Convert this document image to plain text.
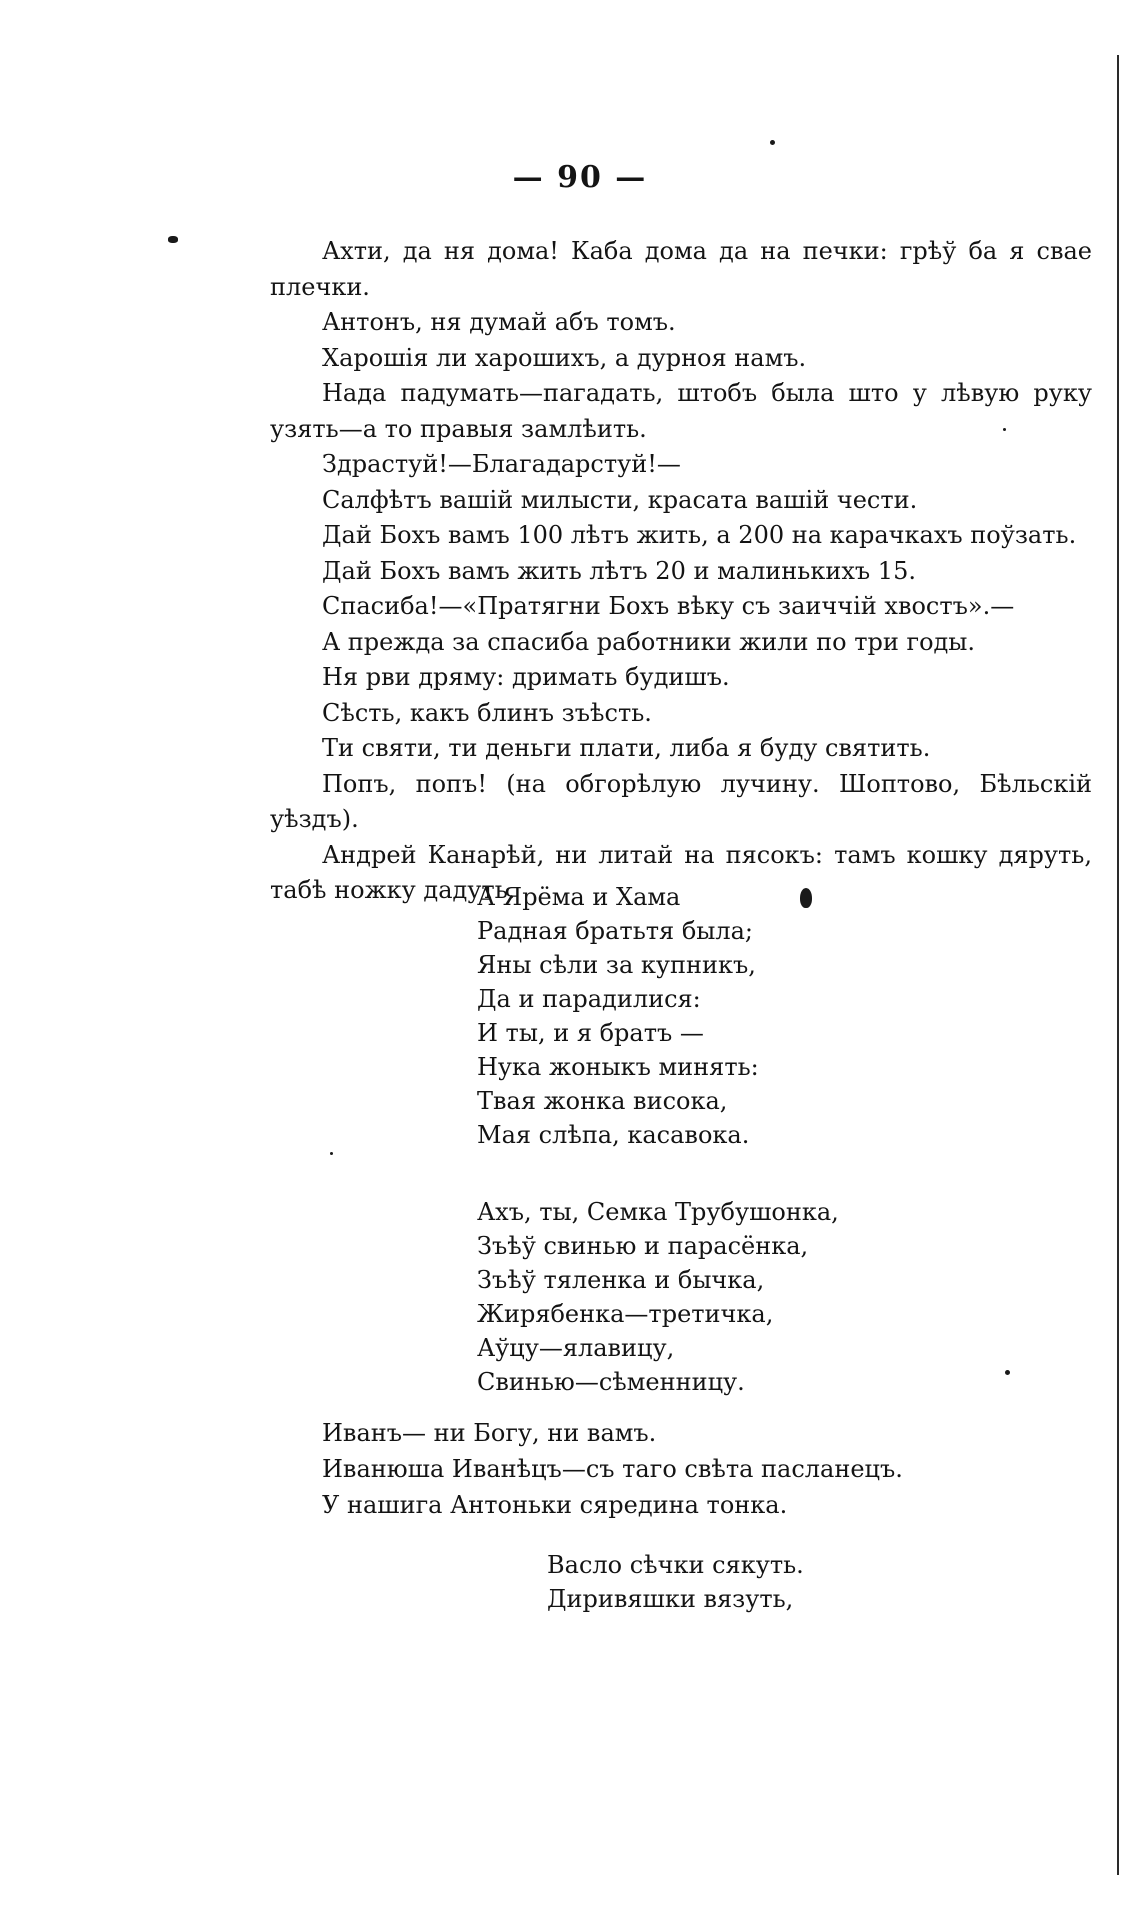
— 90 —

Ахти, да ня дома! Каба дома да на печки: грѣў ба я свае плечки.

Антонъ, ня думай абъ томъ.

Харошія ли харошихъ, а дурноя намъ.

Нада падумать—пагадать, штобъ была што у лѣвую руку узять—а то правыя замлѣить.

Здрастуй!—Благадарстуй!—

Салфѣтъ вашій милысти, красата вашій чести.

Дай Бохъ вамъ 100 лѣтъ жить, а 200 на карачкахъ поўзать.

Дай Бохъ вамъ жить лѣтъ 20 и малинькихъ 15.

Спасиба!—«Пратягни Бохъ вѣку съ заиччій хвостъ».—

А прежда за спасиба работники жили по три годы.

Ня рви дряму: дримать будишъ.

Сѣсть, какъ блинъ зъѣсть.

Ти святи, ти деньги плати, либа я буду святить.

Попъ, попъ! (на обгорѣлую лучину. Шоптово, Бѣльскій уѣздъ).

Андрей Канарѣй, ни литай на пясокъ: тамъ кошку дяруть, табѣ ножку дадуть.

А Ярёма и Хама
Радная братьтя была;
Яны сѣли за купникъ,
Да и парадилися:
И ты, и я братъ —
Нука жоныкъ минять:
Твая жонка висока,
Мая слѣпа, касавока.
Ахъ, ты, Семка Трубушонка,
Зъѣў свинью и парасёнка,
Зъѣў тяленка и бычка,
Жирябенка—третичка,
Аўцу—ялавицу,
Свинью—сѣменницу.
Иванъ— ни Богу, ни вамъ.
Иванюша Иванѣцъ—съ таго свѣта пасланецъ.
У нашига Антоньки сяредина тонка.
Васло сѣчки сякуть.
Диривяшки вязуть,
